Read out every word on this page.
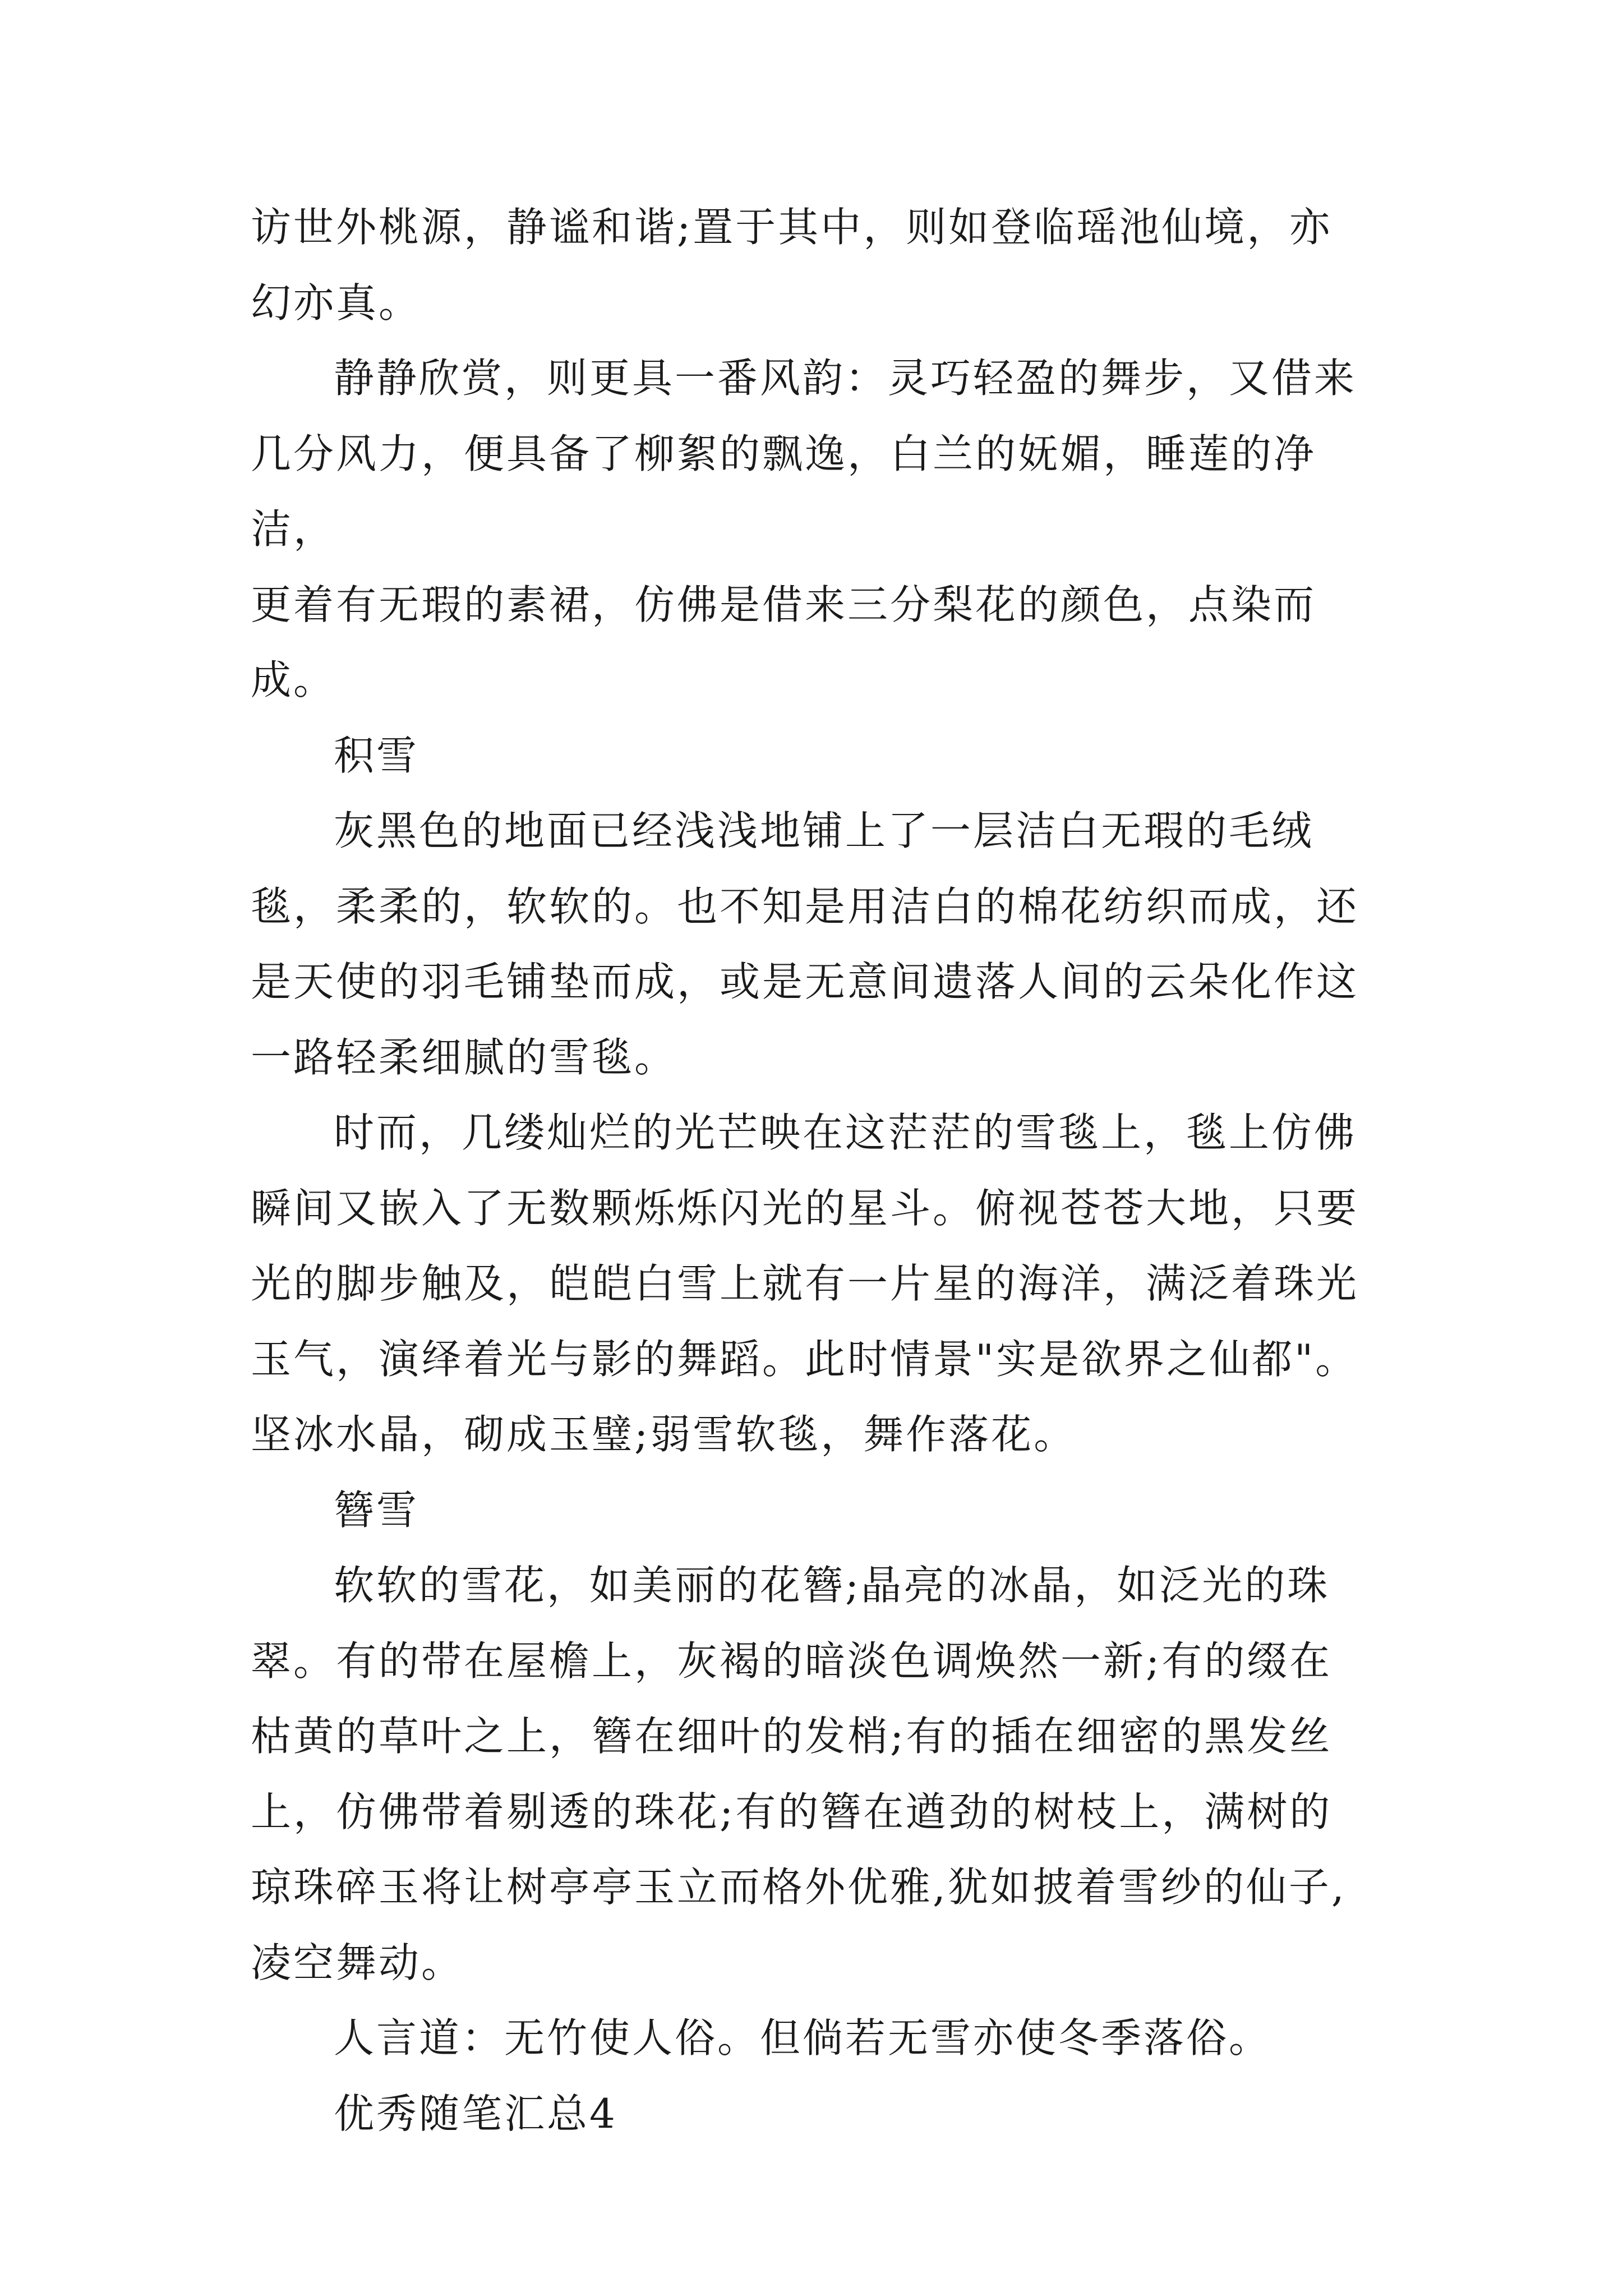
访世外桃源，静谧和谐;置于其中，则如登临瑶池仙境，亦
幻亦真。

静静欣赏，则更具一番风韵：灵巧轻盈的舞步，又借来
几分风力，便具备了柳絮的飘逸，白兰的妩媚，睡莲的净洁，
更着有无瑕的素裙，仿佛是借来三分梨花的颜色，点染而成。

积雪

灰黑色的地面已经浅浅地铺上了一层洁白无瑕的毛绒
毯，柔柔的，软软的。也不知是用洁白的棉花纺织而成，还
是天使的羽毛铺垫而成，或是无意间遗落人间的云朵化作这
一路轻柔细腻的雪毯。

时而，几缕灿烂的光芒映在这茫茫的雪毯上，毯上仿佛
瞬间又嵌入了无数颗烁烁闪光的星斗。俯视苍苍大地，只要
光的脚步触及，皑皑白雪上就有一片星的海洋，满泛着珠光
玉气，演绎着光与影的舞蹈。此时情景"实是欲界之仙都"。
坚冰水晶，砌成玉璧;弱雪软毯，舞作落花。

簪雪

软软的雪花，如美丽的花簪;晶亮的冰晶，如泛光的珠
翠。有的带在屋檐上，灰褐的暗淡色调焕然一新;有的缀在
枯黄的草叶之上，簪在细叶的发梢;有的插在细密的黑发丝
上，仿佛带着剔透的珠花;有的簪在遒劲的树枝上，满树的
琼珠碎玉将让树亭亭玉立而格外优雅,犹如披着雪纱的仙子,
凌空舞动。

人言道：无竹使人俗。但倘若无雪亦使冬季落俗。

优秀随笔汇总4
